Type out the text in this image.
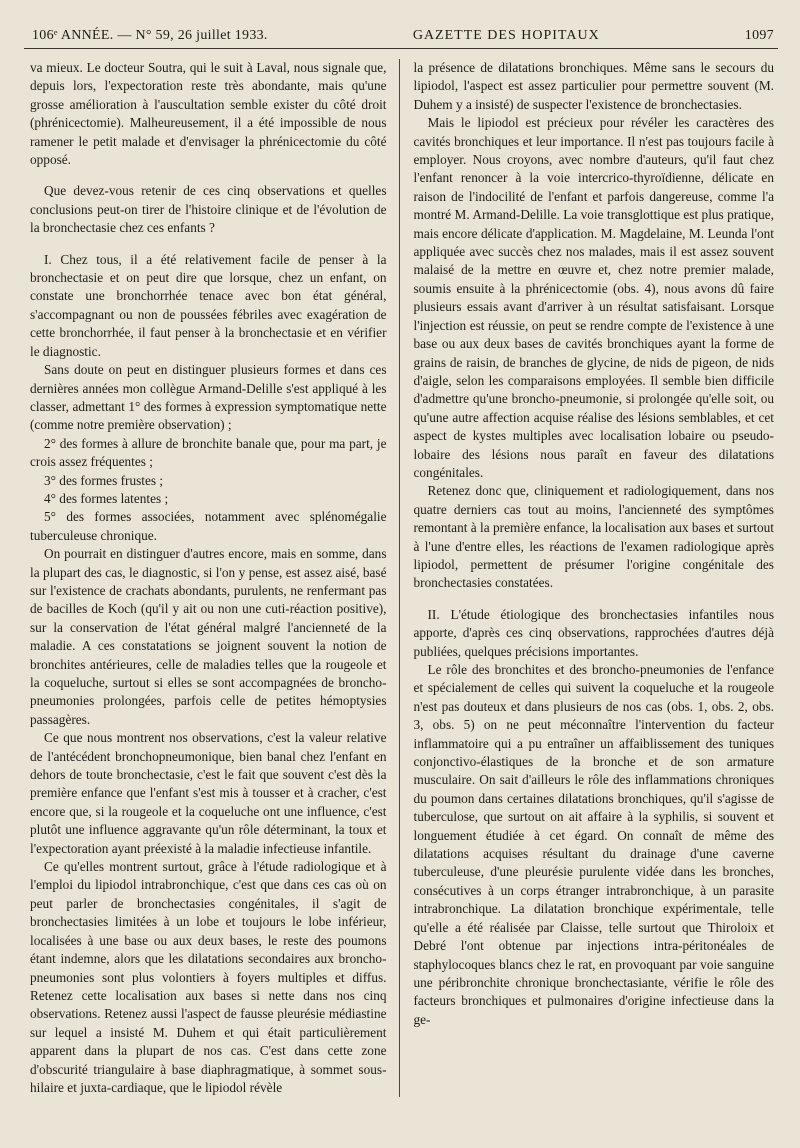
106ᵉ ANNÉE. — N° 59, 26 juillet 1933.	GAZETTE DES HOPITAUX	1097

va mieux. Le docteur Soutra, qui le suit à Laval, nous signale que, depuis lors, l'expectoration reste très abondante, mais qu'une grosse amélioration à l'auscultation semble exister du côté droit (phrénicectomie). Malheureusement, il a été impossible de nous ramener le petit malade et d'envisager la phrénicectomie du côté opposé.

Que devez-vous retenir de ces cinq observations et quelles conclusions peut-on tirer de l'histoire clinique et de l'évolution de la bronchectasie chez ces enfants ?

I. Chez tous, il a été relativement facile de penser à la bronchectasie et on peut dire que lorsque, chez un enfant, on constate une bronchorrhée tenace avec bon état général, s'accompagnant ou non de poussées fébriles avec exagération de cette bronchorrhée, il faut penser à la bronchectasie et en vérifier le diagnostic.

Sans doute on peut en distinguer plusieurs formes et dans ces dernières années mon collègue Armand-Delille s'est appliqué à les classer, admettant 1° des formes à expression symptomatique nette (comme notre première observation) ;

2° des formes à allure de bronchite banale que, pour ma part, je crois assez fréquentes ;

3° des formes frustes ;

4° des formes latentes ;

5° des formes associées, notamment avec splénomégalie tuberculeuse chronique.

On pourrait en distinguer d'autres encore, mais en somme, dans la plupart des cas, le diagnostic, si l'on y pense, est assez aisé, basé sur l'existence de crachats abondants, purulents, ne renfermant pas de bacilles de Koch (qu'il y ait ou non une cuti-réaction positive), sur la conservation de l'état général malgré l'ancienneté de la maladie. A ces constatations se joignent souvent la notion de bronchites antérieures, celle de maladies telles que la rougeole et la coqueluche, surtout si elles se sont accompagnées de broncho-pneumonies prolongées, parfois celle de petites hémoptysies passagères.

Ce que nous montrent nos observations, c'est la valeur relative de l'antécédent bronchopneumonique, bien banal chez l'enfant en dehors de toute bronchectasie, c'est le fait que souvent c'est dès la première enfance que l'enfant s'est mis à tousser et à cracher, c'est encore que, si la rougeole et la coqueluche ont une influence, c'est plutôt une influence aggravante qu'un rôle déterminant, la toux et l'expectoration ayant préexisté à la maladie infectieuse infantile.

Ce qu'elles montrent surtout, grâce à l'étude radiologique et à l'emploi du lipiodol intrabronchique, c'est que dans ces cas où on peut parler de bronchectasies congénitales, il s'agit de bronchectasies limitées à un lobe et toujours le lobe inférieur, localisées à une base ou aux deux bases, le reste des poumons étant indemne, alors que les dilatations secondaires aux broncho-pneumonies sont plus volontiers à foyers multiples et diffus. Retenez cette localisation aux bases si nette dans nos cinq observations. Retenez aussi l'aspect de fausse pleurésie médiastine sur lequel a insisté M. Duhem et qui était particulièrement apparent dans la plupart de nos cas. C'est dans cette zone d'obscurité triangulaire à base diaphragmatique, à sommet sous-hilaire et juxta-cardiaque, que le lipiodol révèle

la présence de dilatations bronchiques. Même sans le secours du lipiodol, l'aspect est assez particulier pour permettre souvent (M. Duhem y a insisté) de suspecter l'existence de bronchectasies.

Mais le lipiodol est précieux pour révéler les caractères des cavités bronchiques et leur importance. Il n'est pas toujours facile à employer. Nous croyons, avec nombre d'auteurs, qu'il faut chez l'enfant renoncer à la voie intercrico-thyroïdienne, délicate en raison de l'indocilité de l'enfant et parfois dangereuse, comme l'a montré M. Armand-Delille. La voie transglottique est plus pratique, mais encore délicate d'application. M. Magdelaine, M. Leunda l'ont appliquée avec succès chez nos malades, mais il est assez souvent malaisé de la mettre en œuvre et, chez notre premier malade, soumis ensuite à la phrénicectomie (obs. 4), nous avons dû faire plusieurs essais avant d'arriver à un résultat satisfaisant. Lorsque l'injection est réussie, on peut se rendre compte de l'existence à une base ou aux deux bases de cavités bronchiques ayant la forme de grains de raisin, de branches de glycine, de nids de pigeon, de nids d'aigle, selon les comparaisons employées. Il semble bien difficile d'admettre qu'une broncho-pneumonie, si prolongée qu'elle soit, ou qu'une autre affection acquise réalise des lésions semblables, et cet aspect de kystes multiples avec localisation lobaire ou pseudo-lobaire des lésions nous paraît en faveur des dilatations congénitales.

Retenez donc que, cliniquement et radiologiquement, dans nos quatre derniers cas tout au moins, l'ancienneté des symptômes remontant à la première enfance, la localisation aux bases et surtout à l'une d'entre elles, les réactions de l'examen radiologique après lipiodol, permettent de présumer l'origine congénitale des bronchectasies constatées.

II. L'étude étiologique des bronchectasies infantiles nous apporte, d'après ces cinq observations, rapprochées d'autres déjà publiées, quelques précisions importantes.

Le rôle des bronchites et des broncho-pneumonies de l'enfance et spécialement de celles qui suivent la coqueluche et la rougeole n'est pas douteux et dans plusieurs de nos cas (obs. 1, obs. 2, obs. 3, obs. 5) on ne peut méconnaître l'intervention du facteur inflammatoire qui a pu entraîner un affaiblissement des tuniques conjonctivo-élastiques de la bronche et de son armature musculaire. On sait d'ailleurs le rôle des inflammations chroniques du poumon dans certaines dilatations bronchiques, qu'il s'agisse de tuberculose, que surtout on ait affaire à la syphilis, si souvent et longuement étudiée à cet égard. On connaît de même des dilatations acquises résultant du drainage d'une caverne tuberculeuse, d'une pleurésie purulente vidée dans les bronches, consécutives à un corps étranger intrabronchique, à un parasite intrabronchique. La dilatation bronchique expérimentale, telle qu'elle a été réalisée par Claisse, telle surtout que Thiroloix et Debré l'ont obtenue par injections intra-péritonéales de staphylocoques blancs chez le rat, en provoquant par voie sanguine une péribronchite chronique bronchectasiante, vérifie le rôle des facteurs bronchiques et pulmonaires d'origine infectieuse dans la ge-
